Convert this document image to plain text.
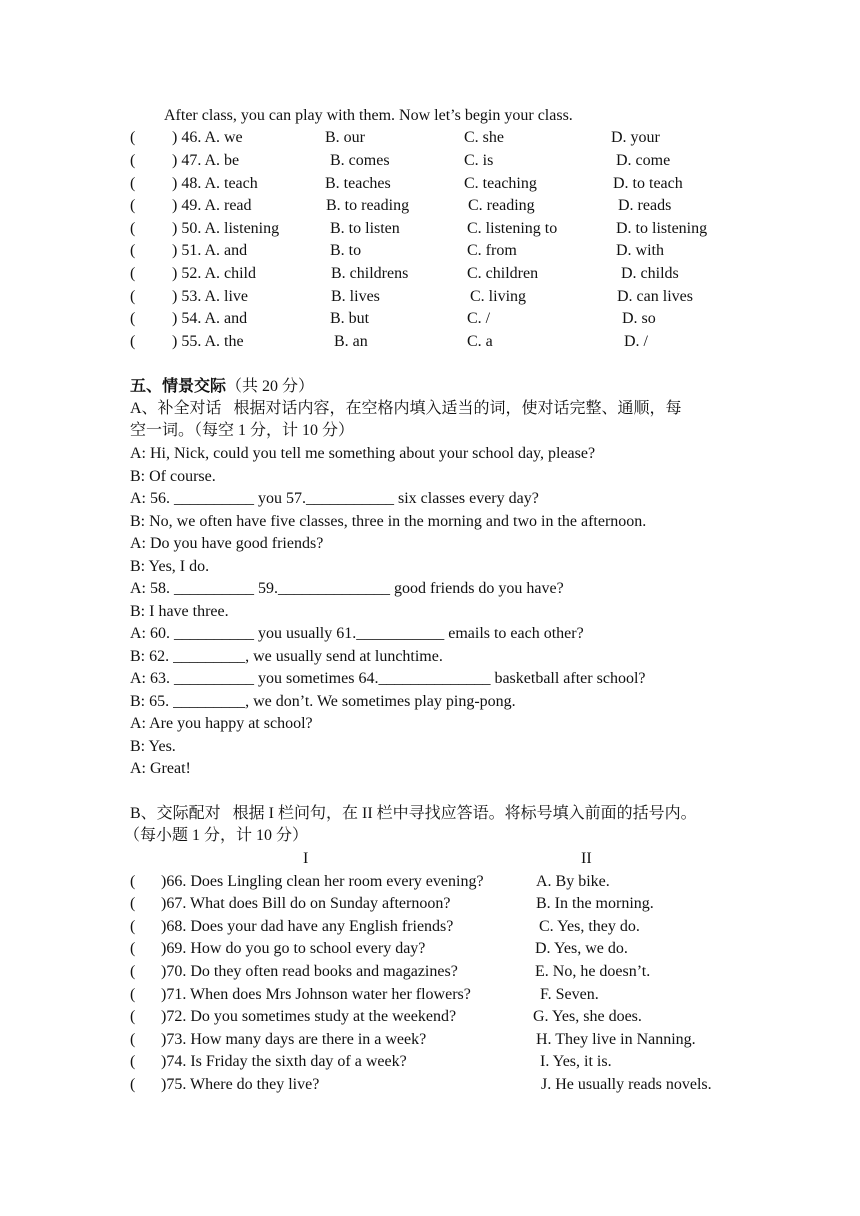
After class, you can play with them. Now let’s begin your class.
( ) 46. A. we	B. our	C. she	D. your
( ) 47. A. be	B. comes	C. is	D. come
( ) 48. A. teach	B. teaches	C. teaching	D. to teach
( ) 49. A. read	B. to reading	C. reading	D. reads
( ) 50. A. listening	B. to listen	C. listening to	D. to listening
( ) 51. A. and	B. to	C. from	D. with
( ) 52. A. child	B. childrens	C. children	D. childs
( ) 53. A. live	B. lives	C. living	D. can lives
( ) 54. A. and	B. but	C. /	D. so
( ) 55. A. the	B. an	C. a	D. /
五、情景交际（共 20 分）
A、补全对话   根据对话内容，在空格内填入适当的词，使对话完整、通顺，每
空一词。（每空 1 分，计 10 分）
A: Hi, Nick, could you tell me something about your school day, please?
B: Of course.
A: 56. __________ you 57.___________ six classes every day?
B: No, we often have five classes, three in the morning and two in the afternoon.
A: Do you have good friends?
B: Yes, I do.
A: 58. __________ 59.______________ good friends do you have?
B: I have three.
A: 60. __________ you usually 61.___________ emails to each other?
B: 62. _________, we usually send at lunchtime.
A: 63. __________ you sometimes 64.______________ basketball after school?
B: 65. _________, we don’t. We sometimes play ping-pong.
A: Are you happy at school?
B: Yes.
A: Great!
B、交际配对   根据 I 栏问句，在 II 栏中寻找应答语。将标号填入前面的括号内。
（每小题 1 分，计 10 分）
I	II
( )66. Does Lingling clean her room every evening?	A. By bike.
( )67. What does Bill do on Sunday afternoon?	B. In the morning.
( )68. Does your dad have any English friends?	C. Yes, they do.
( )69. How do you go to school every day?	D. Yes, we do.
( )70. Do they often read books and magazines?	E. No, he doesn’t.
( )71. When does Mrs Johnson water her flowers?	F. Seven.
( )72. Do you sometimes study at the weekend?	G. Yes, she does.
( )73. How many days are there in a week?	H. They live in Nanning.
( )74. Is Friday the sixth day of a week?	I. Yes, it is.
( )75. Where do they live?	J. He usually reads novels.
